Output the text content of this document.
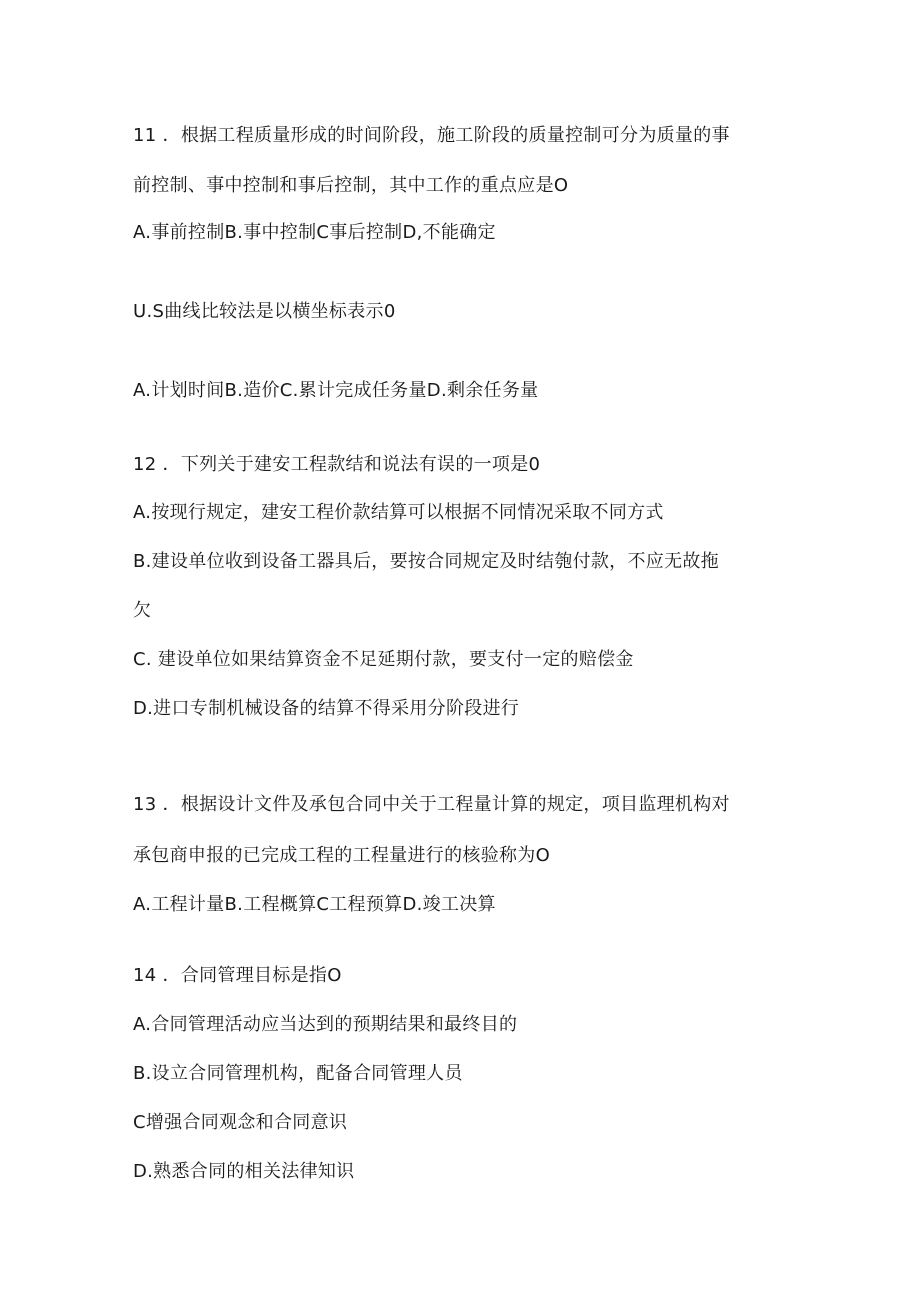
11 ．根据工程质量形成的时间阶段，施工阶段的质量控制可分为质量的事
前控制、事中控制和事后控制，其中工作的重点应是O
A.事前控制B.事中控制C事后控制D,不能确定
U.S曲线比较法是以横坐标表示0
A.计划时间B.造价C.累计完成任务量D.剩余任务量
12 ．下列关于建安工程款结和说法有误的一项是0
A.按现行规定，建安工程价款结算可以根据不同情况采取不同方式
B.建设单位收到设备工器具后，要按合同规定及时结匏付款，不应无故拖
欠
C. 建设单位如果结算资金不足延期付款，要支付一定的赔偿金
D.进口专制机械设备的结算不得采用分阶段进行
13 ．根据设计文件及承包合同中关于工程量计算的规定，项目监理机构对
承包商申报的已完成工程的工程量进行的核验称为O
A.工程计量B.工程概算C工程预算D.竣工决算
14 ．合同管理目标是指O
A.合同管理活动应当达到的预期结果和最终目的
B.设立合同管理机构，配备合同管理人员
C增强合同观念和合同意识
D.熟悉合同的相关法律知识
